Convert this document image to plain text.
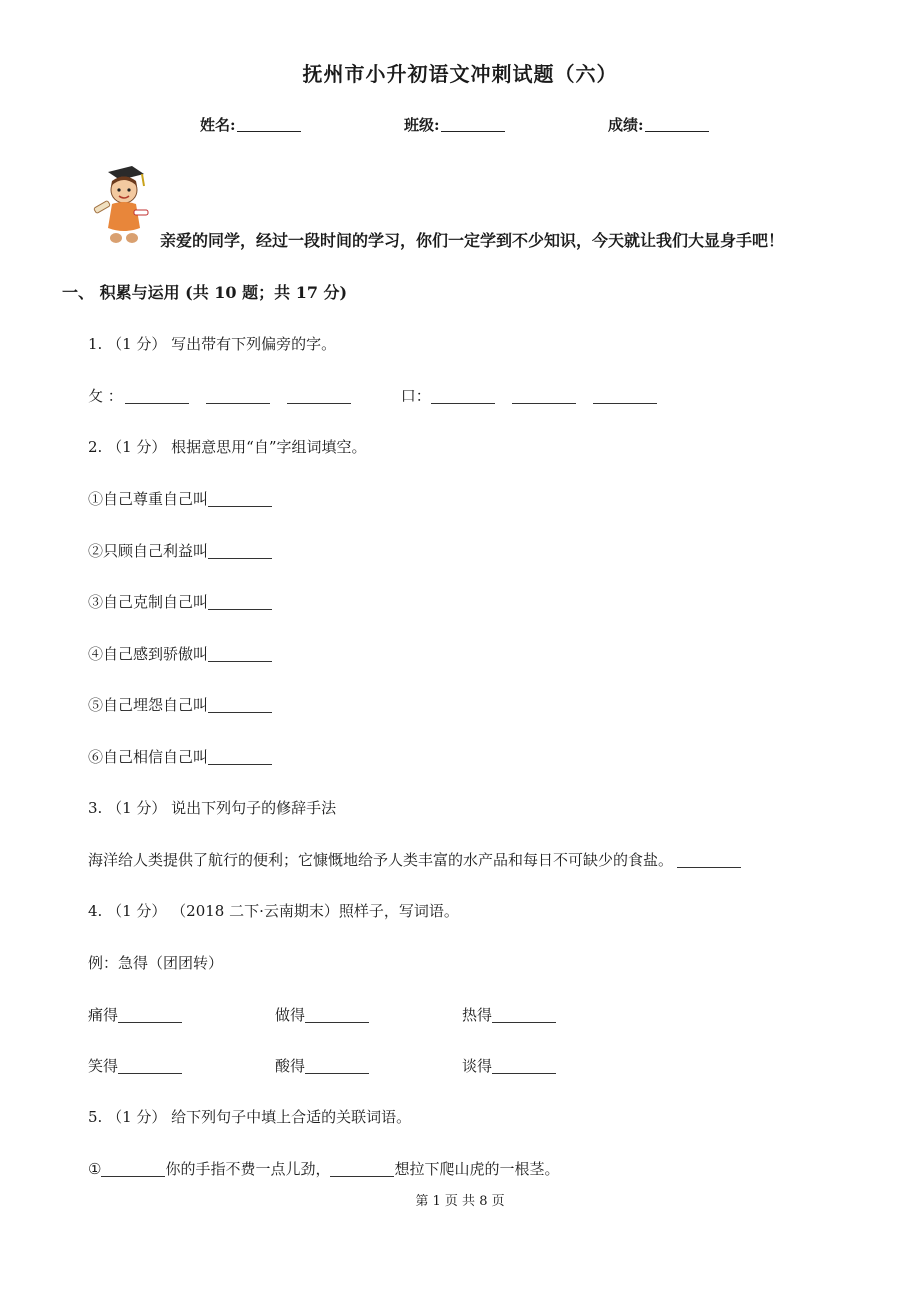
抚州市小升初语文冲刺试题（六）
姓名:	班级:	成绩:
亲爱的同学，经过一段时间的学习，你们一定学到不少知识，今天就让我们大显身手吧！
一、 积累与运用 (共 10 题；共 17 分)
1. （1 分） 写出带有下列偏旁的字。
攵 ：	口：
2. （1 分） 根据意思用“自”字组词填空。
①自己尊重自己叫
②只顾自己利益叫
③自己克制自己叫
④自己感到骄傲叫
⑤自己埋怨自己叫
⑥自己相信自己叫
3. （1 分） 说出下列句子的修辞手法
海洋给人类提供了航行的便利；它慷慨地给予人类丰富的水产品和每日不可缺少的食盐。
4. （1 分） （2018 二下·云南期末）照样子，写词语。
例：急得（团团转）
痛得	做得	热得
笑得	酸得	谈得
5. （1 分） 给下列句子中填上合适的关联词语。
①	你的手指不费一点儿劲，	想拉下爬山虎的一根茎。
第 1 页 共 8 页
